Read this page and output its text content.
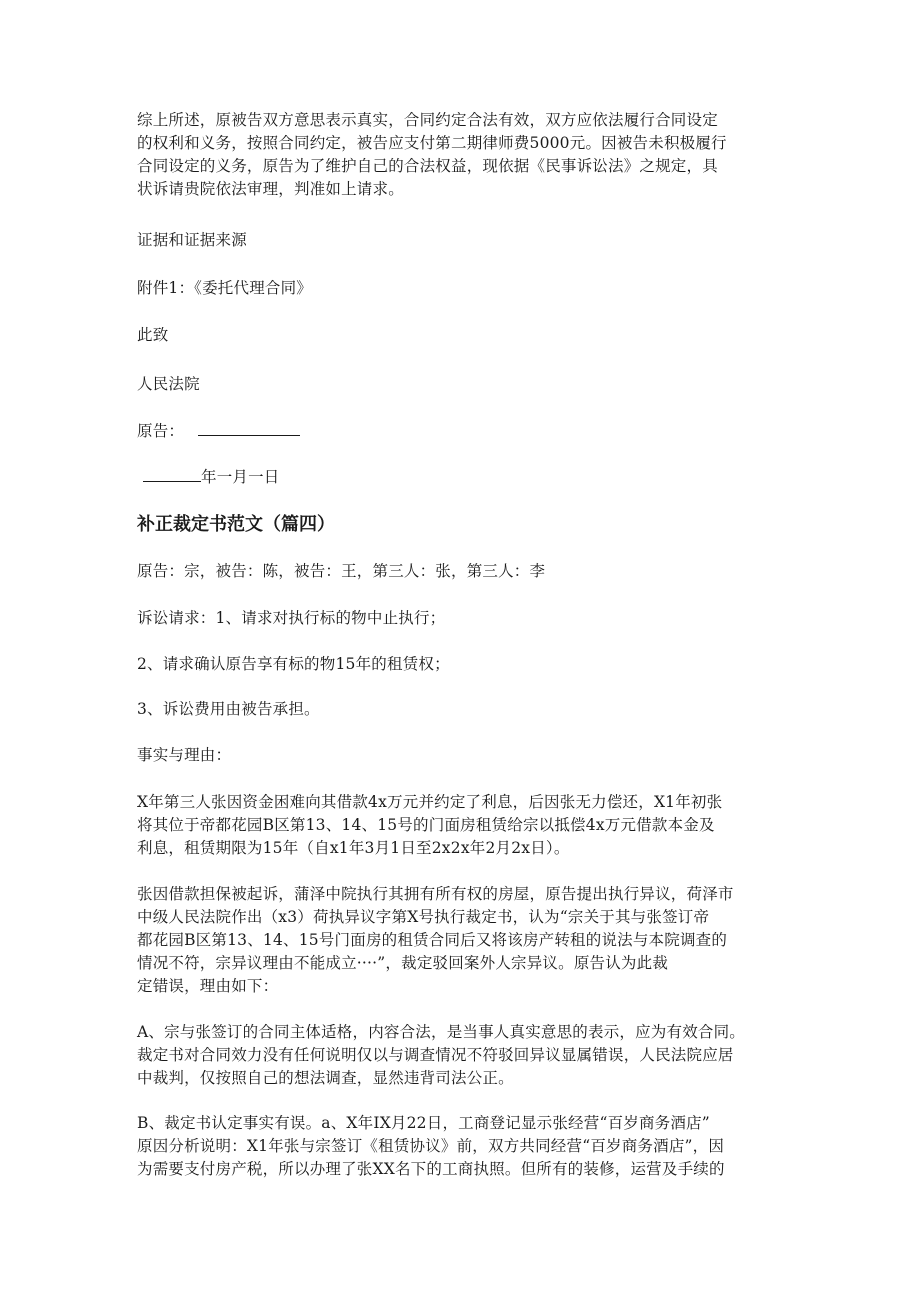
综上所述，原被告双方意思表示真实，合同约定合法有效，双方应依法履行合同设定
的权利和义务，按照合同约定，被告应支付第二期律师费5000元。因被告未积极履行
合同设定的义务，原告为了维护自己的合法权益，现依据《民事诉讼法》之规定，具
状诉请贵院依法审理，判准如上请求。

证据和证据来源

附件1：《委托代理合同》

此致

人民法院

原告：

年一月一日

补正裁定书范文（篇四）

原告：宗，被告：陈，被告：王，第三人：张，第三人：李

诉讼请求：1、请求对执行标的物中止执行；

2、请求确认原告享有标的物15年的租赁权；

3、诉讼费用由被告承担。

事实与理由：

X年第三人张因资金困难向其借款4x万元并约定了利息，后因张无力偿还，X1年初张
将其位于帝都花园B区第13、14、15号的门面房租赁给宗以抵偿4x万元借款本金及
利息，租赁期限为15年（自x1年3月1日至2x2x年2月2x日）。

张因借款担保被起诉，蒲泽中院执行其拥有所有权的房屋，原告提出执行异议，荷泽市
中级人民法院作出（x3）荷执异议字第X号执行裁定书，认为“宗关于其与张签订帝
都花园B区第13、14、15号门面房的租赁合同后又将该房产转租的说法与本院调查的
情况不符，宗异议理由不能成立····”，裁定驳回案外人宗异议。原告认为此裁
定错误，理由如下：

A、宗与张签订的合同主体适格，内容合法，是当事人真实意思的表示，应为有效合同。
裁定书对合同效力没有任何说明仅以与调查情况不符驳回异议显属错误，人民法院应居
中裁判，仅按照自己的想法调查，显然违背司法公正。

B、裁定书认定事实有误。a、X年IX月22日，工商登记显示张经营“百岁商务酒店”
原因分析说明：X1年张与宗签订《租赁协议》前，双方共同经营“百岁商务酒店”，因
为需要支付房产税，所以办理了张XX名下的工商执照。但所有的装修，运营及手续的
